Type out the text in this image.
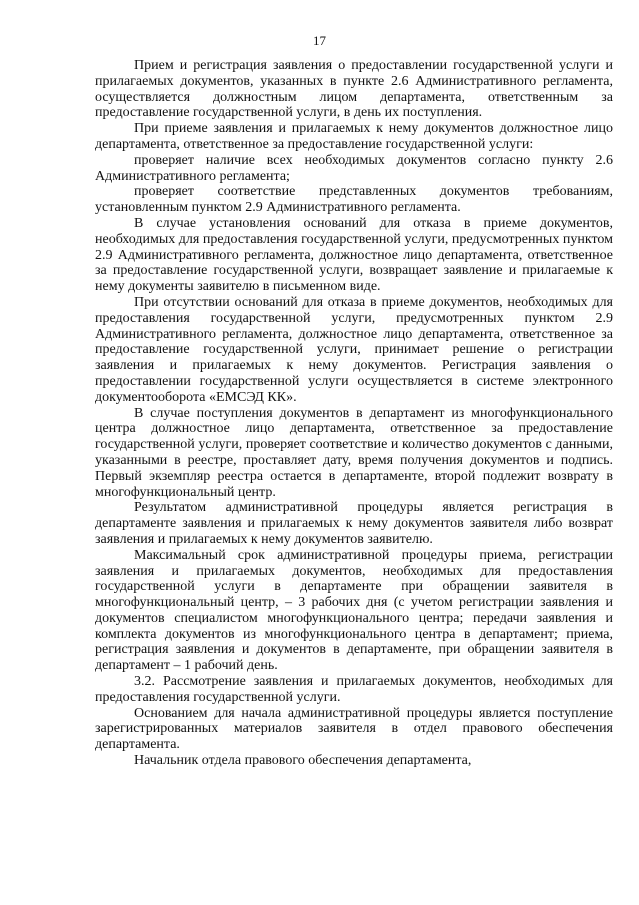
17

Прием и регистрация заявления о предоставлении государственной услуги и прилагаемых документов, указанных в пункте 2.6 Административного регламента, осуществляется должностным лицом департамента, ответственным за предоставление государственной услуги, в день их поступления.

При приеме заявления и прилагаемых к нему документов должностное лицо департамента, ответственное за предоставление государственной услуги:

проверяет наличие всех необходимых документов согласно пункту 2.6 Административного регламента;

проверяет соответствие представленных документов требованиям, установленным пунктом 2.9 Административного регламента.

В случае установления оснований для отказа в приеме документов, необходимых для предоставления государственной услуги, предусмотренных пунктом 2.9 Административного регламента, должностное лицо департамента, ответственное за предоставление государственной услуги, возвращает заявление и прилагаемые к нему документы заявителю в письменном виде.

При отсутствии оснований для отказа в приеме документов, необходимых для предоставления государственной услуги, предусмотренных пунктом 2.9 Административного регламента, должностное лицо департамента, ответственное за предоставление государственной услуги, принимает решение о регистрации заявления и прилагаемых к нему документов. Регистрация заявления о предоставлении государственной услуги осуществляется в системе электронного документооборота «ЕМСЭД КК».

В случае поступления документов в департамент из многофункционального центра должностное лицо департамента, ответственное за предоставление государственной услуги, проверяет соответствие и количество документов с данными, указанными в реестре, проставляет дату, время получения документов и подпись. Первый экземпляр реестра остается в департаменте, второй подлежит возврату в многофункциональный центр.

Результатом административной процедуры является регистрация в департаменте заявления и прилагаемых к нему документов заявителя либо возврат заявления и прилагаемых к нему документов заявителю.

Максимальный срок административной процедуры приема, регистрации заявления и прилагаемых документов, необходимых для предоставления государственной услуги в департаменте при обращении заявителя в многофункциональный центр, – 3 рабочих дня (с учетом регистрации заявления и документов специалистом многофункционального центра; передачи заявления и комплекта документов из многофункционального центра в департамент; приема, регистрация заявления и документов в департаменте, при обращении заявителя в департамент – 1 рабочий день.

3.2. Рассмотрение заявления и прилагаемых документов, необходимых для предоставления государственной услуги.

Основанием для начала административной процедуры является поступление зарегистрированных материалов заявителя в отдел правового обеспечения департамента.

Начальник отдела правового обеспечения департамента,
